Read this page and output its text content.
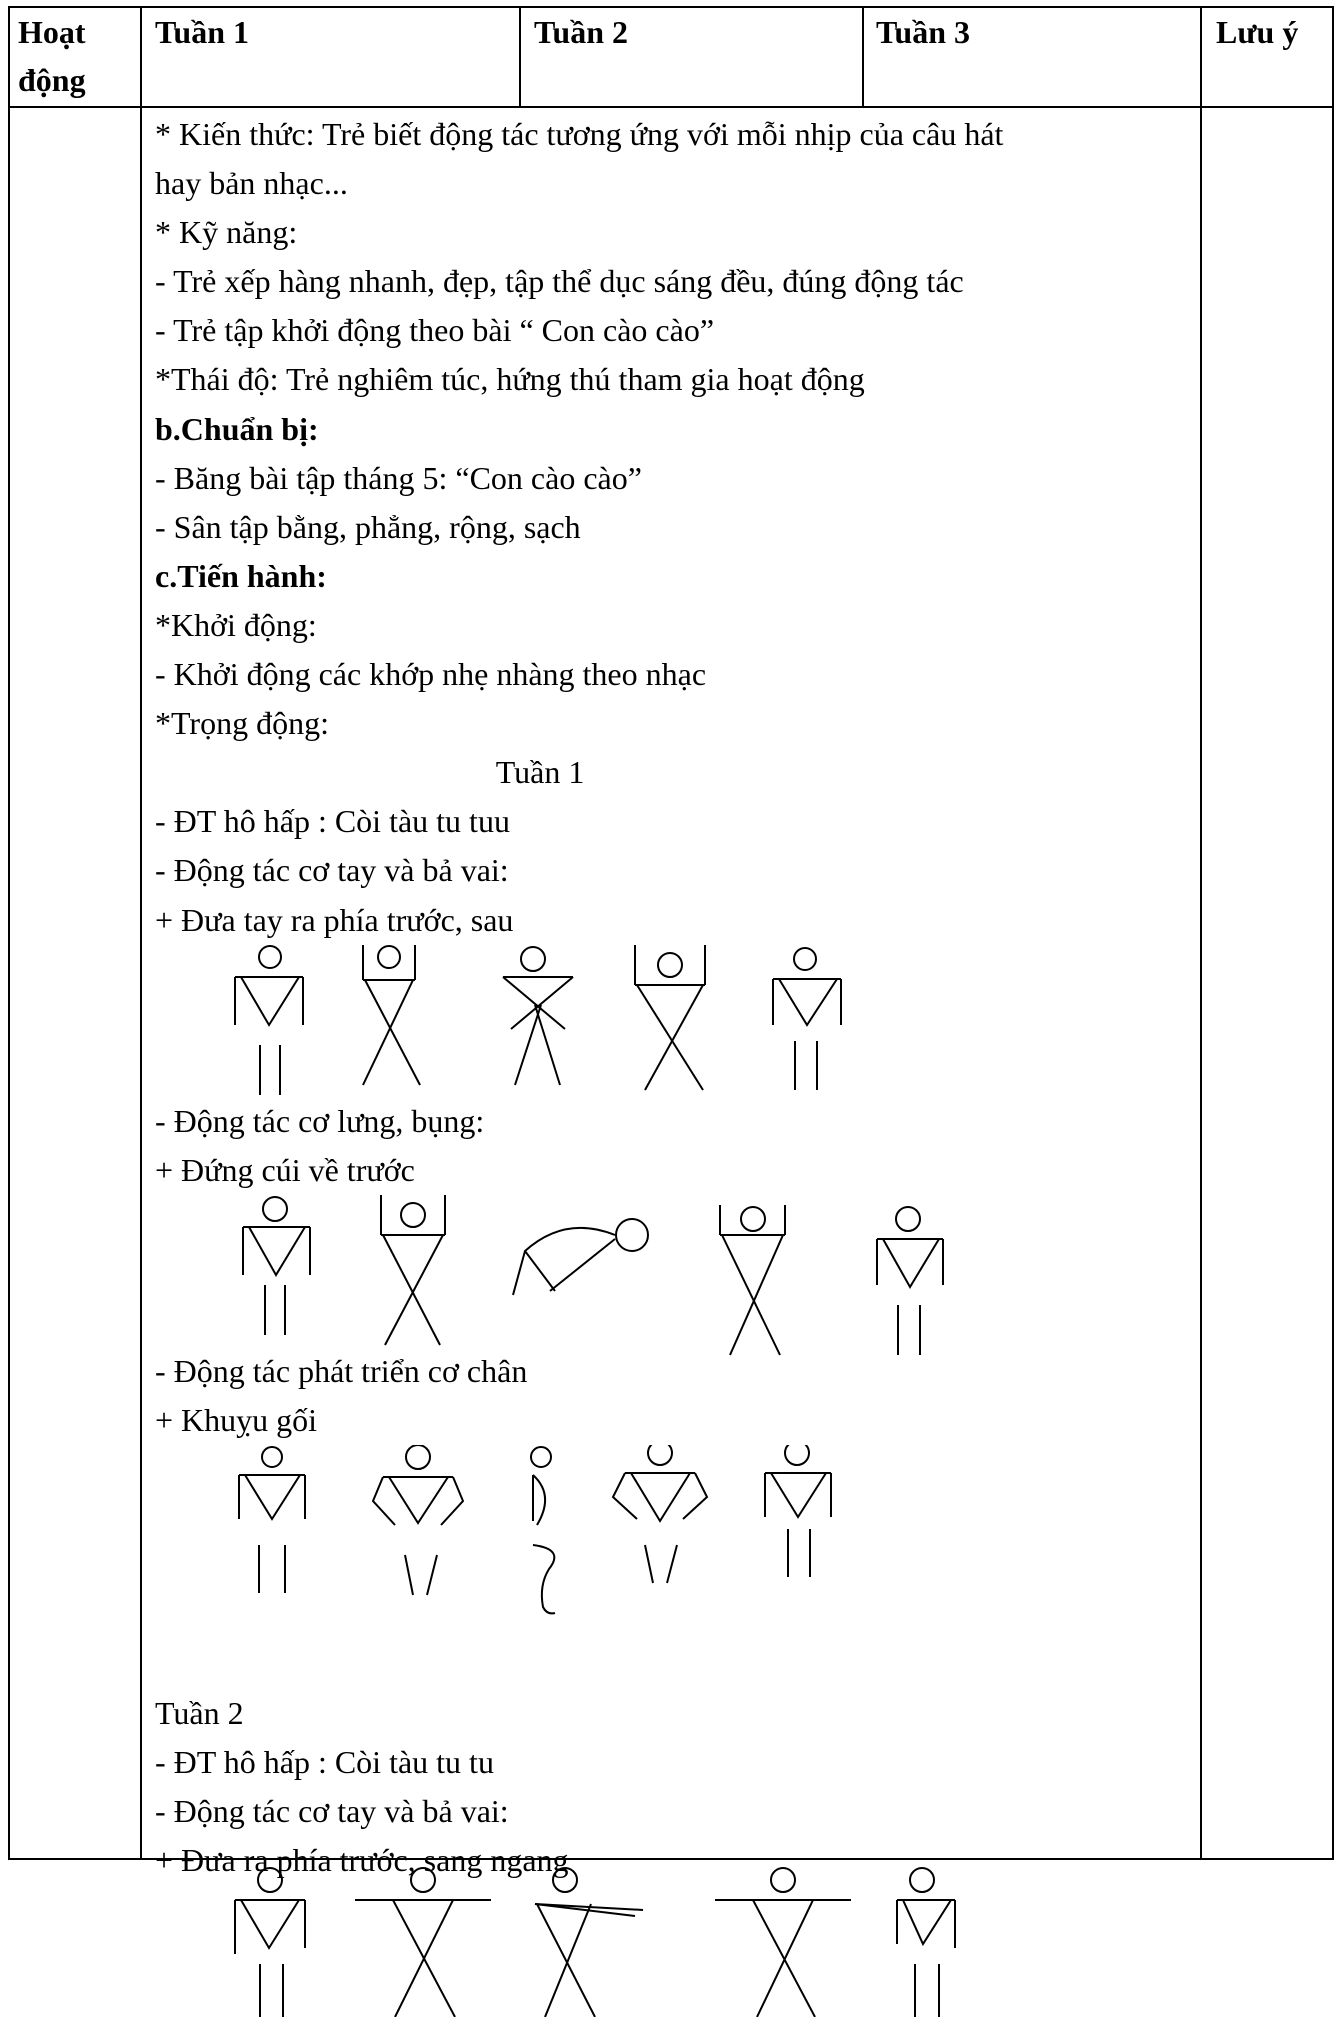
Hoạt
động
Tuần 1	Tuần 2	Tuần 3	Lưu ý

* Kiến thức: Trẻ biết động tác tương ứng với mỗi nhịp của câu hát

hay bản nhạc...

* Kỹ năng:

- Trẻ xếp hàng nhanh, đẹp, tập thể dục sáng đều, đúng động tác

- Trẻ tập khởi động theo bài “ Con cào cào”

*Thái độ: Trẻ nghiêm túc, hứng thú tham gia hoạt động

b.Chuẩn bị:

- Băng bài tập tháng 5: “Con cào cào”

- Sân tập bằng, phẳng, rộng, sạch

c.Tiến hành:

*Khởi động:

- Khởi động các khớp nhẹ nhàng theo nhạc

*Trọng động:

Tuần 1

- ĐT hô hấp : Còi tàu tu tuu

- Động tác cơ tay và bả vai:

+ Đưa tay ra phía trước, sau

- Động tác cơ lưng, bụng:

+ Đứng cúi về trước

- Động tác phát triển cơ chân

+ Khuỵu gối

Tuần 2

- ĐT hô hấp : Còi tàu tu tu

- Động tác cơ tay và bả vai:

+ Đưa ra phía trước, sang ngang
